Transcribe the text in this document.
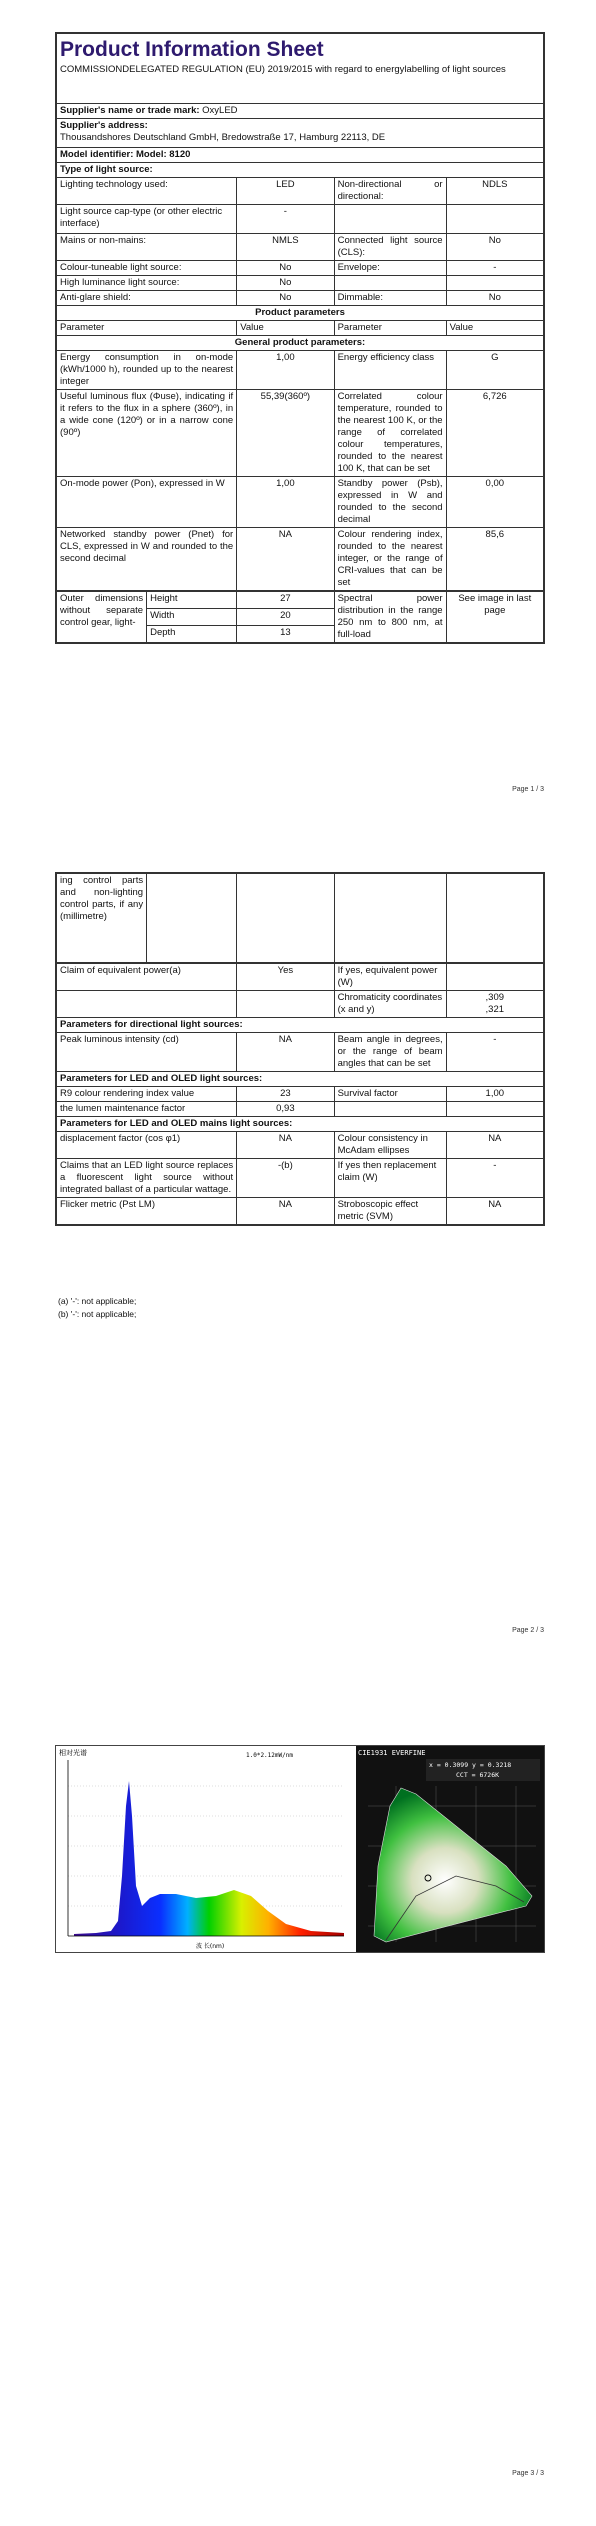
Product Information Sheet
COMMISSIONDELEGATED REGULATION (EU) 2019/2015 with regard to energylabelling of light sources			
Supplier's name or trade mark: OxyLED			
Supplier's address:
Thousandshores Deutschland GmbH, Bredowstraße 17, Hamburg 22113, DE			
Model identifier: Model: 8120			
Type of light source:			
Lighting technology used:	LED	Non-directional or directional:	NDLS
Light source cap-type (or other electric interface)	-		
Mains or non-mains:	NMLS	Connected light source (CLS):	No
Colour-tuneable light source:	No	Envelope:	-
High luminance light source:	No		
Anti-glare shield:	No	Dimmable:	No
Product parameters			
Parameter	Value	Parameter	Value
General product parameters:			
Energy consumption in on-mode (kWh/1000 h), rounded up to the nearest integer	1,00	Energy efficiency class	G
Useful luminous flux (Φuse), indicating if it refers to the flux in a sphere (360º), in a wide cone (120º) or in a narrow cone (90º)	55,39(360º)	Correlated colour temperature, rounded to the nearest 100 K, or the range of correlated colour temperatures, rounded to the nearest 100 K, that can be set	6,726
On-mode power (Pon), expressed in W	1,00	Standby power (Psb), expressed in W and rounded to the second decimal	0,00
Networked standby power (Pnet) for CLS, expressed in W and rounded to the second decimal	NA	Colour rendering index, rounded to the nearest integer, or the range of CRI-values that can be set	85,6
Outer dimensions without separate control gear, light-	Height	27	Spectral power distribution in the range 250 nm to 800 nm, at full-load	See image in last page
	Width	20		
	Depth	13		
Page 1 / 3
ing control parts and non-lighting control parts, if any (millimetre)				
Claim of equivalent power(a)	Yes	If yes, equivalent power (W)	
		Chromaticity coordinates (x and y)	,309
,321
Parameters for directional light sources:			
Peak luminous intensity (cd)	NA	Beam angle in degrees, or the range of beam angles that can be set	-
Parameters for LED and OLED light sources:			
R9 colour rendering index value	23	Survival factor	1,00
the lumen maintenance factor	0,93		
Parameters for LED and OLED mains light sources:			
displacement factor (cos φ1)	NA	Colour consistency in McAdam ellipses	NA
Claims that an LED light source replaces a fluorescent light source without integrated ballast of a particular wattage.	-(b)	If yes then replacement claim (W)	-
Flicker metric (Pst LM)	NA	Stroboscopic effect metric (SVM)	NA
(a) '-': not applicable;
(b) '-': not applicable;
Page 2 / 3
相对光谱	1.0*2.12mW/nm
波 长(nm)
CIE1931 EVERFINE
x = 0.3099 y = 0.3218
CCT = 6726K
Page 3 / 3
